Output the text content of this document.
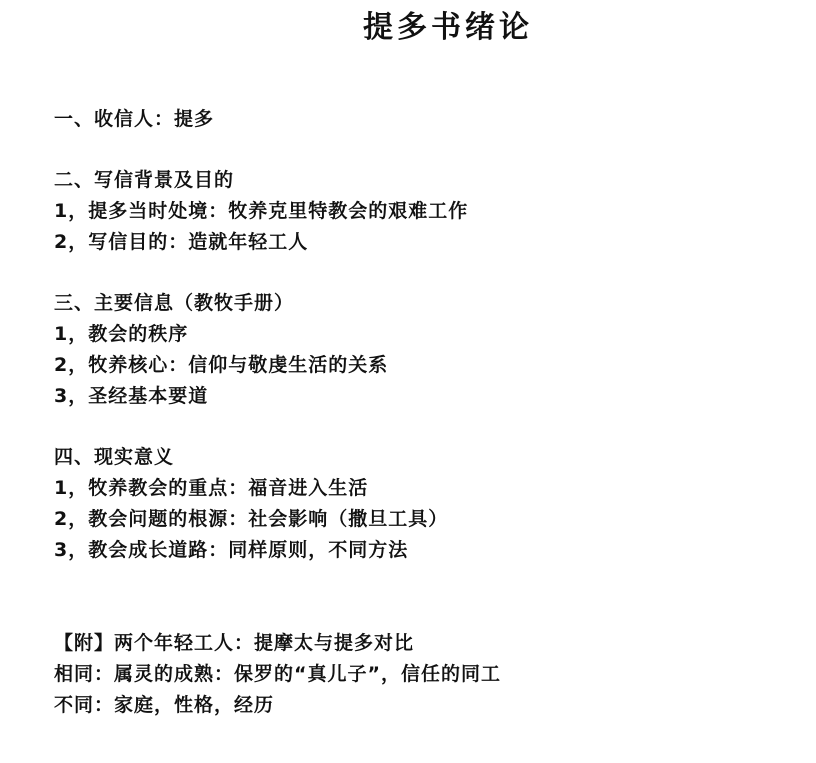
提多书绪论
一、收信人：提多
二、写信背景及目的
1，提多当时处境：牧养克里特教会的艰难工作
2，写信目的：造就年轻工人
三、主要信息（教牧手册）
1，教会的秩序
2，牧养核心：信仰与敬虔生活的关系
3，圣经基本要道
四、现实意义
1，牧养教会的重点：福音进入生活
2，教会问题的根源：社会影响（撒旦工具）
3，教会成长道路：同样原则，不同方法
【附】两个年轻工人：提摩太与提多对比
相同：属灵的成熟：保罗的“真儿子”，信任的同工
不同：家庭，性格，经历
